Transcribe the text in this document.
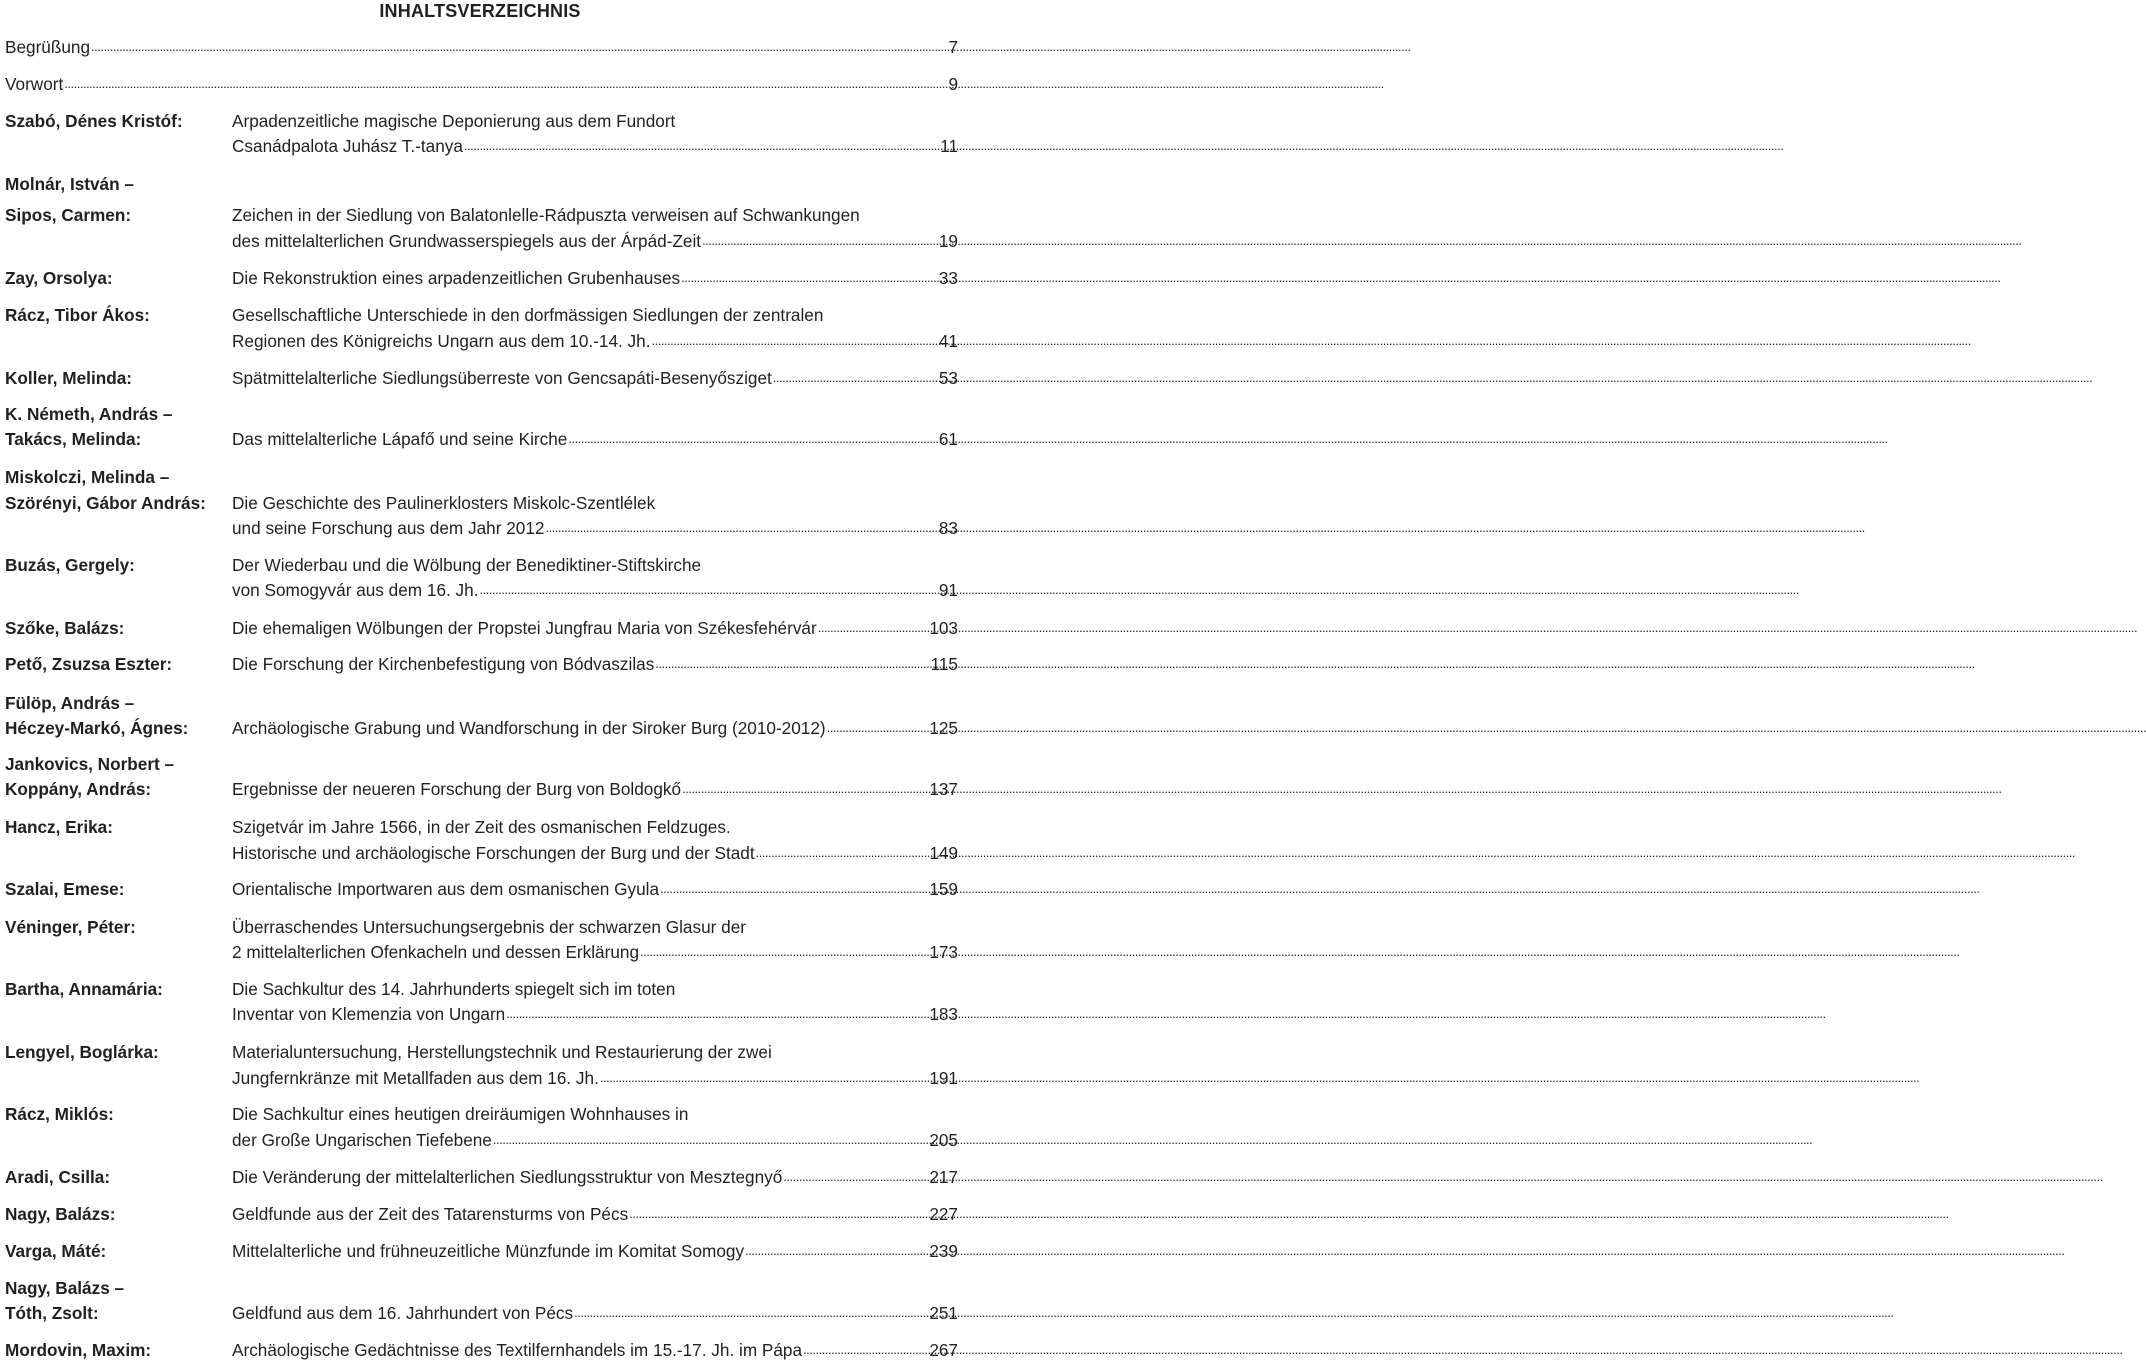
INHALTSVERZEICHNIS
Begrüßung .....	7
Vorwort .....	9
Szabó, Dénes Kristóf:	Arpadenzeitliche magische Deponierung aus dem Fundort
Csanádpalota Juhász T.-tanya .....	11
Molnár, István –
Sipos, Carmen:	Zeichen in der Siedlung von Balatonlelle-Rádpuszta verweisen auf Schwankungen
des mittelalterlichen Grundwasserspiegels aus der Árpád-Zeit .....	19
Zay, Orsolya:	Die Rekonstruktion eines arpadenzeitlichen Grubenhauses .....	33
Rácz, Tibor Ákos:	Gesellschaftliche Unterschiede in den dorfmässigen Siedlungen der zentralen
Regionen des Königreichs Ungarn aus dem 10.-14. Jh. .....	41
Koller, Melinda:	Spätmittelalterliche Siedlungsüberreste von Gencsapáti-Besenyősziget .....	53
K. Németh, András –
Takács, Melinda:	Das mittelalterliche Lápafő und seine Kirche .....	61
Miskolczi, Melinda –
Szörényi, Gábor András: Die Geschichte des Paulinerklosters Miskolc-Szentlélek
und seine Forschung aus dem Jahr 2012 .....	83
Buzás, Gergely:	Der Wiederbau und die Wölbung der Benediktiner-Stiftskirche
von Somogyvár aus dem 16. Jh. .....	91
Szőke, Balázs:	Die ehemaligen Wölbungen der Propstei Jungfrau Maria von Székesfehérvár .....	103
Pető, Zsuzsa Eszter:	Die Forschung der Kirchenbefestigung von Bódvaszilas .....	115
Fülöp, András –
Héczey-Markó, Ágnes:	Archäologische Grabung und Wandforschung in der Siroker Burg (2010-2012) .....	125
Jankovics, Norbert –
Koppány, András:	Ergebnisse der neueren Forschung der Burg von Boldogkő .....	137
Hancz, Erika:	Szigetvár im Jahre 1566, in der Zeit des osmanischen Feldzuges.
Historische und archäologische Forschungen der Burg und der Stadt .....	149
Szalai, Emese:	Orientalische Importwaren aus dem osmanischen Gyula .....	159
Véninger, Péter:	Überraschendes Untersuchungsergebnis der schwarzen Glasur der
2 mittelalterlichen Ofenkacheln und dessen Erklärung .....	173
Bartha, Annamária:	Die Sachkultur des 14. Jahrhunderts spiegelt sich im toten
Inventar von Klemenzia von Ungarn .....	183
Lengyel, Boglárka:	Materialuntersuchung, Herstellungstechnik und Restaurierung der zwei
Jungfernkränze mit Metallfaden aus dem 16. Jh. .....	191
Rácz, Miklós:	Die Sachkultur eines heutigen dreiräumigen Wohnhauses in
der Große Ungarischen Tiefebene .....	205
Aradi, Csilla:	Die Veränderung der mittelalterlichen Siedlungsstruktur von Mesztegnyő .....	217
Nagy, Balázs:	Geldfunde aus der Zeit des Tatarensturms von Pécs .....	227
Varga, Máté:	Mittelalterliche und frühneuzeitliche Münzfunde im Komitat Somogy .....	239
Nagy, Balázs –
Tóth, Zsolt:	Geldfund aus dem 16. Jahrhundert von Pécs .....	251
Mordovin, Maxim:	Archäologische Gedächtnisse des Textilfernhandels im 15.-17. Jh. im Pápa .....	267
